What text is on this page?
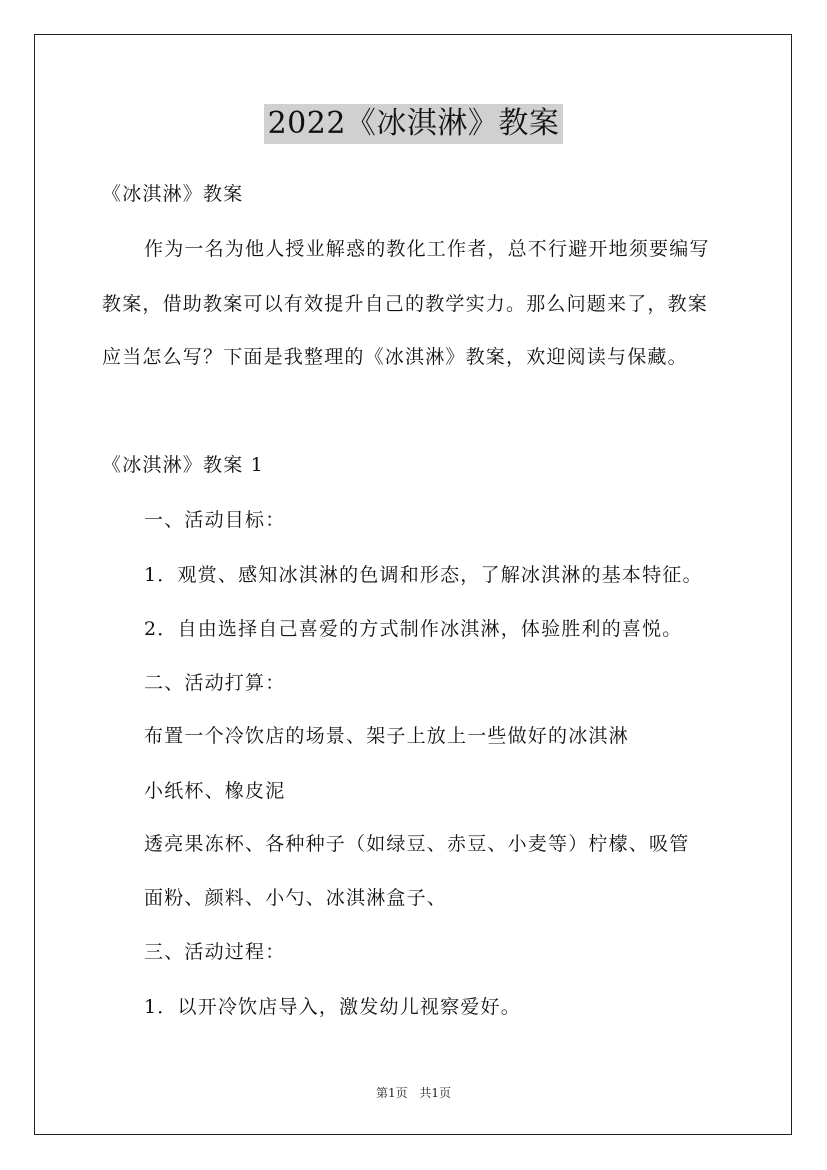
2022《冰淇淋》教案
《冰淇淋》教案
作为一名为他人授业解惑的教化工作者，总不行避开地须要编写
教案，借助教案可以有效提升自己的教学实力。那么问题来了，教案
应当怎么写？下面是我整理的《冰淇淋》教案，欢迎阅读与保藏。
《冰淇淋》教案 1
一、活动目标：
1．观赏、感知冰淇淋的色调和形态，了解冰淇淋的基本特征。
2．自由选择自己喜爱的方式制作冰淇淋，体验胜利的喜悦。
二、活动打算：
布置一个冷饮店的场景、架子上放上一些做好的冰淇淋
小纸杯、橡皮泥
透亮果冻杯、各种种子（如绿豆、赤豆、小麦等）柠檬、吸管
面粉、颜料、小勺、冰淇淋盒子、
三、活动过程：
1．以开冷饮店导入，激发幼儿视察爱好。
第1页 共1页
